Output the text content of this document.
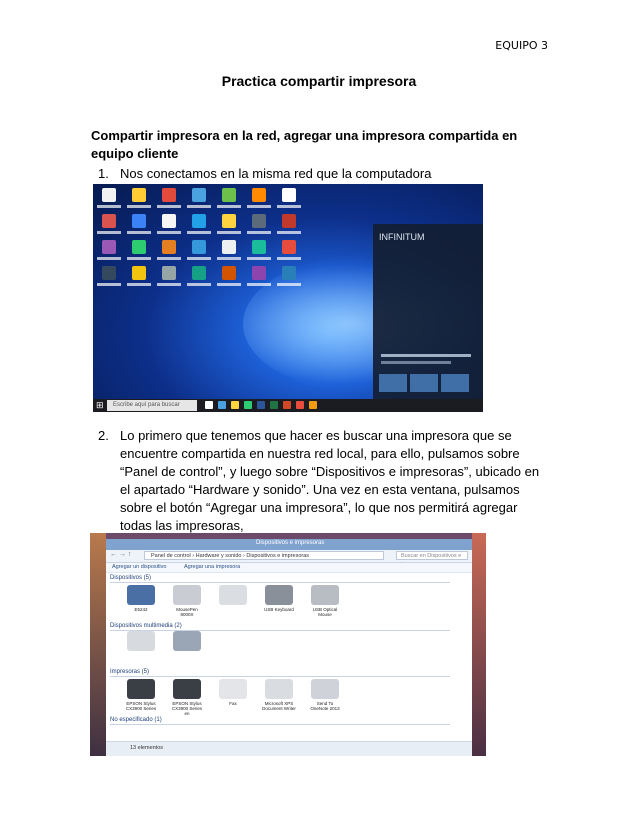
EQUIPO 3
Practica compartir impresora
Compartir impresora en la red, agregar una impresora compartida en equipo cliente
1. Nos conectamos en la misma red que la computadora
INFINITUM
⊞	Escribe aquí para buscar
2. Lo primero que tenemos que hacer es buscar una impresora que se encuentre compartida en nuestra red local, para ello, pulsamos sobre “Panel de control”, y luego sobre “Dispositivos e impresoras”, ubicado en el apartado “Hardware y sonido”. Una vez en esta ventana, pulsamos sobre el botón “Agregar una impresora”, lo que nos permitirá agregar todas las impresoras,
Dispositivos e impresoras
← → ↑	Panel de control › Hardware y sonido › Dispositivos e impresoras	Buscar en Dispositivos e
Agregar un dispositivo	Agregar una impresora
Dispositivos (5)
E5242	MousePen 8000X
USB Keyboard	USB Optical Mouse
Dispositivos multimedia (2)
Impresoras (5)
EPSON Stylus CX3900 Series
EPSON Stylus CX3900 Series en
Fax	Microsoft XPS Document Writer
Send To OneNote 2013
No especificado (1)
13 elementos
